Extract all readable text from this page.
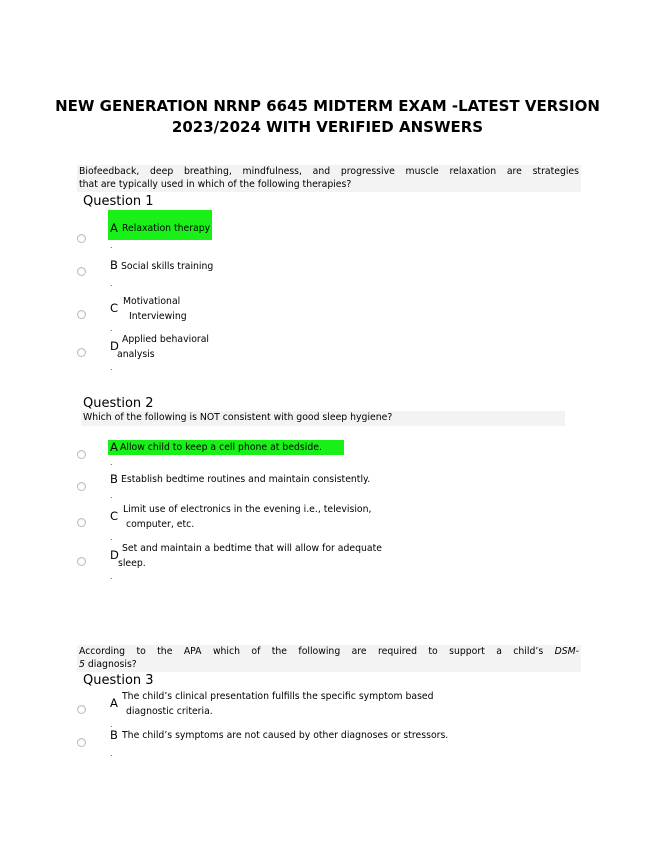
NEW GENERATION NRNP 6645 MIDTERM EXAM -LATEST VERSION
2023/2024 WITH VERIFIED ANSWERS
Biofeedback, deep breathing, mindfulness, and progressive muscle relaxation are strategies
that are typically used in which of the following therapies?
Question 1
A Relaxation therapy
.
B Social skills training
.
C Motivational
Interviewing
.
D Applied behavioral
analysis
.
Question 2
Which of the following is NOT consistent with good sleep hygiene?
A Allow child to keep a cell phone at bedside.
.
B Establish bedtime routines and maintain consistently.
.
C Limit use of electronics in the evening i.e., television,
computer, etc.
.
D Set and maintain a bedtime that will allow for adequate
sleep.
.
According to the APA which of the following are required to support a child’s DSM-
5 diagnosis?
Question 3
A The child’s clinical presentation fulfills the specific symptom based
diagnostic criteria.
.
B The child’s symptoms are not caused by other diagnoses or stressors.
.
